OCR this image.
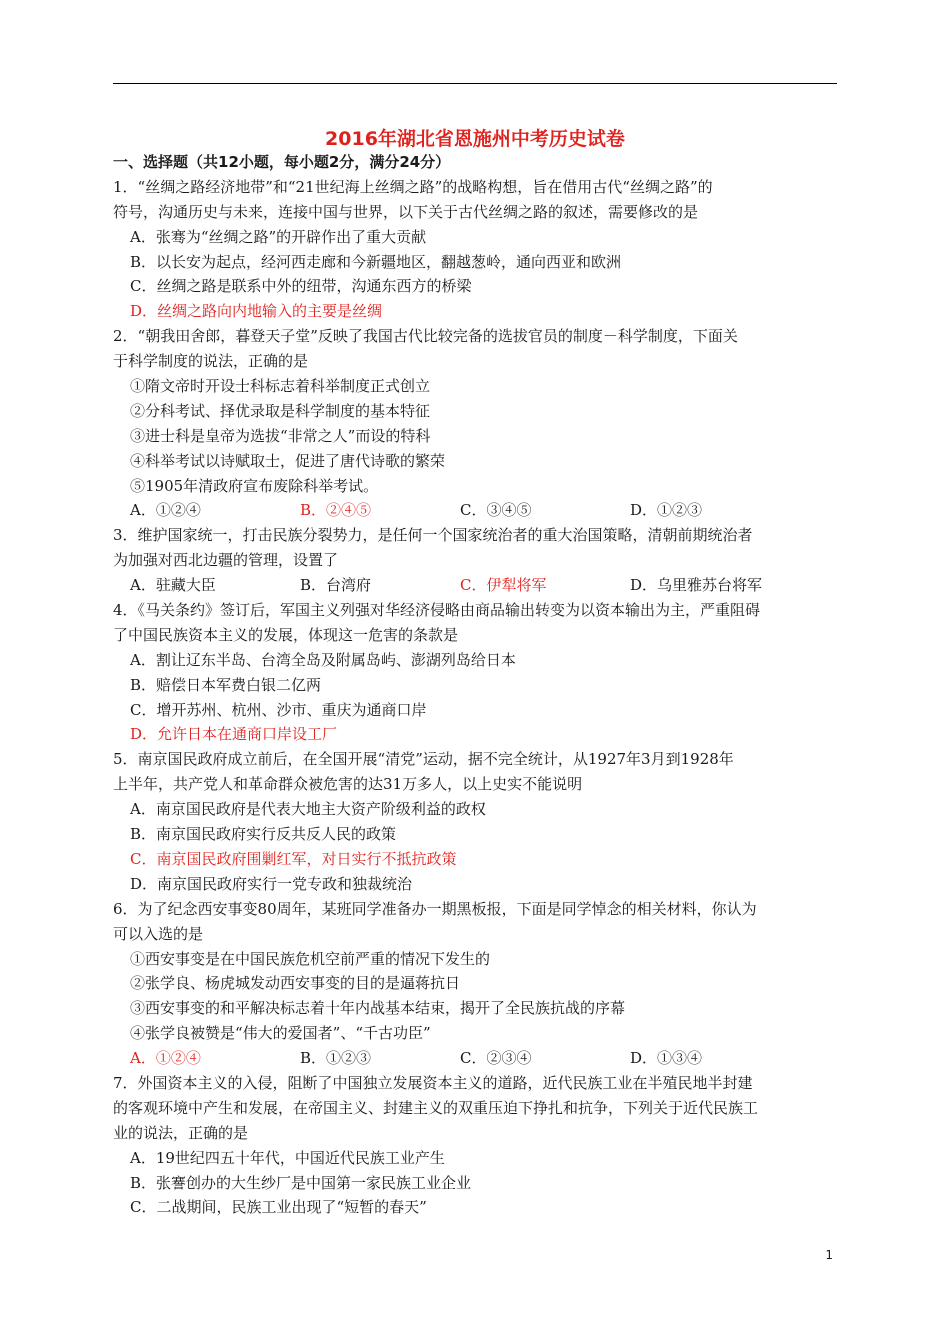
2016年湖北省恩施州中考历史试卷
一、选择题（共12小题，每小题2分，满分24分）
1．“丝绸之路经济地带”和“21世纪海上丝绸之路”的战略构想，旨在借用古代“丝绸之路”的
符号，沟通历史与未来，连接中国与世界，以下关于古代丝绸之路的叙述，需要修改的是
A．张骞为“丝绸之路”的开辟作出了重大贡献
B．以长安为起点，经河西走廊和今新疆地区，翻越葱岭，通向西亚和欧洲
C．丝绸之路是联系中外的纽带，沟通东西方的桥梁
D．丝绸之路向内地输入的主要是丝绸
2．“朝我田舍郎，暮登天子堂”反映了我国古代比较完备的选拔官员的制度－科学制度，下面关
于科学制度的说法，正确的是
①隋文帝时开设士科标志着科举制度正式创立
②分科考试、择优录取是科学制度的基本特征
③进士科是皇帝为选拔“非常之人”而设的特科
④科举考试以诗赋取士，促进了唐代诗歌的繁荣
⑤1905年清政府宣布废除科举考试。
A．①②④	B．②④⑤	C．③④⑤	D．①②③
3．维护国家统一，打击民族分裂势力，是任何一个国家统治者的重大治国策略，清朝前期统治者
为加强对西北边疆的管理，设置了
A．驻藏大臣	B．台湾府	C．伊犁将军	D．乌里雅苏台将军
4．《马关条约》签订后，军国主义列强对华经济侵略由商品输出转变为以资本输出为主，严重阻碍
了中国民族资本主义的发展，体现这一危害的条款是
A．割让辽东半岛、台湾全岛及附属岛屿、澎湖列岛给日本
B．赔偿日本军费白银二亿两
C．增开苏州、杭州、沙市、重庆为通商口岸
D．允许日本在通商口岸设工厂
5．南京国民政府成立前后，在全国开展“清党”运动，据不完全统计，从1927年3月到1928年
上半年，共产党人和革命群众被危害的达31万多人，以上史实不能说明
A．南京国民政府是代表大地主大资产阶级利益的政权
B．南京国民政府实行反共反人民的政策
C．南京国民政府围剿红军，对日实行不抵抗政策
D．南京国民政府实行一党专政和独裁统治
6．为了纪念西安事变80周年，某班同学准备办一期黑板报，下面是同学悼念的相关材料，你认为
可以入选的是
①西安事变是在中国民族危机空前严重的情况下发生的
②张学良、杨虎城发动西安事变的目的是逼蒋抗日
③西安事变的和平解决标志着十年内战基本结束，揭开了全民族抗战的序幕
④张学良被赞是“伟大的爱国者”、“千古功臣”
A．①②④	B．①②③	C．②③④	D．①③④
7．外国资本主义的入侵，阻断了中国独立发展资本主义的道路，近代民族工业在半殖民地半封建
的客观环境中产生和发展，在帝国主义、封建主义的双重压迫下挣扎和抗争，下列关于近代民族工
业的说法，正确的是
A．19世纪四五十年代，中国近代民族工业产生
B．张謇创办的大生纱厂是中国第一家民族工业企业
C．二战期间，民族工业出现了“短暂的春天”
1
